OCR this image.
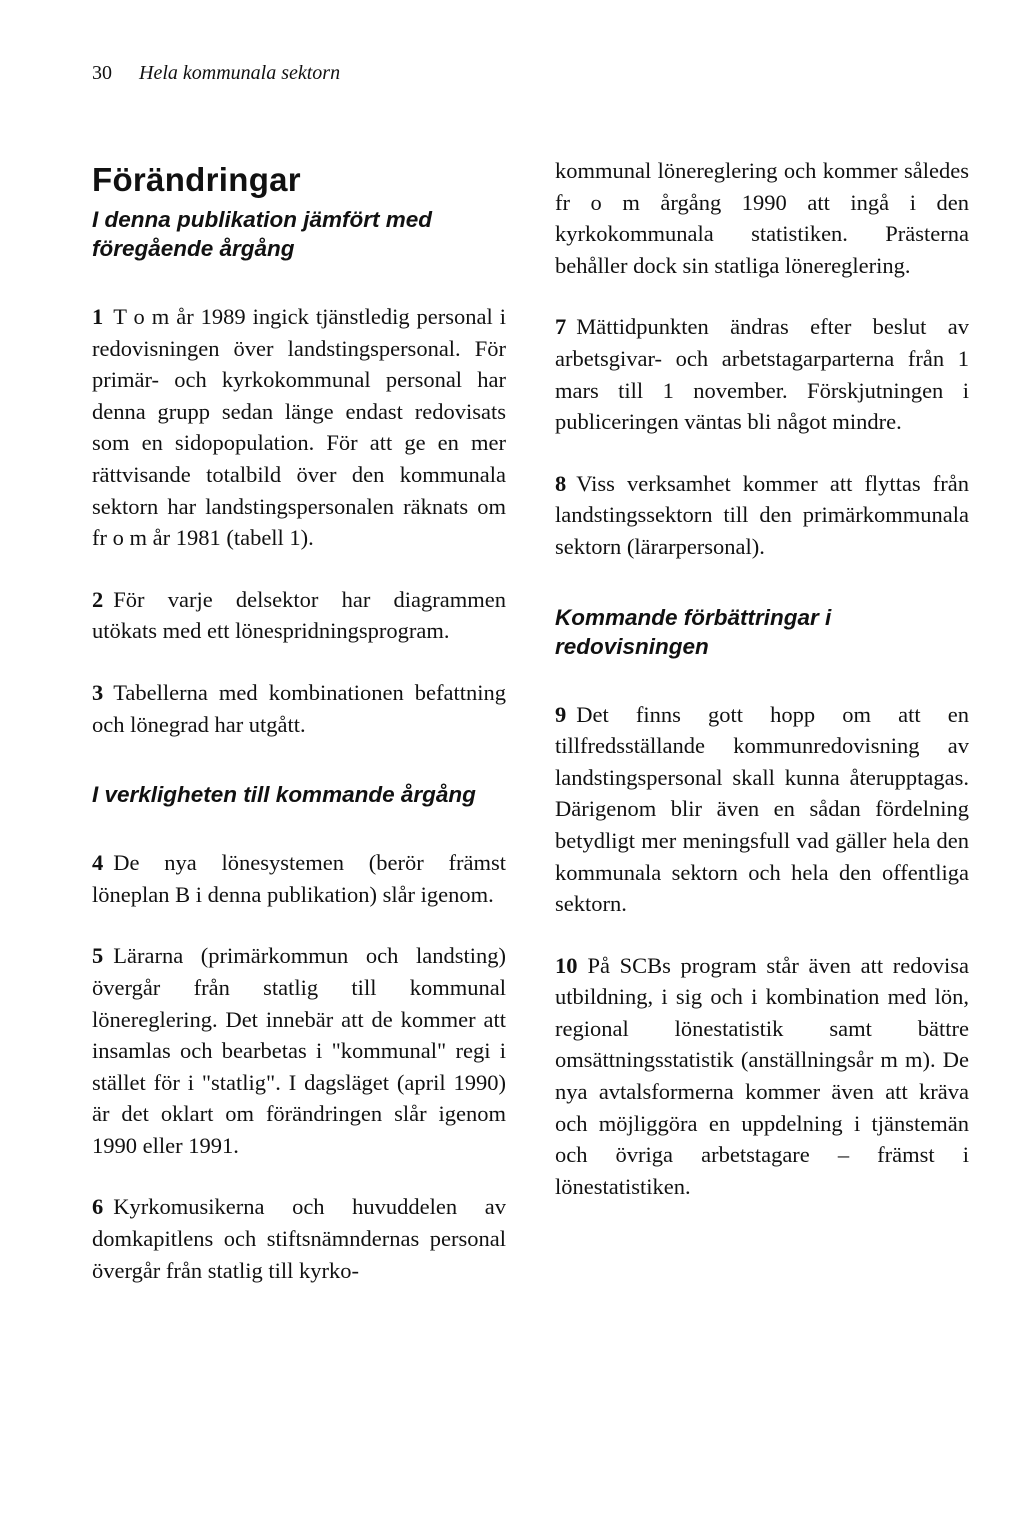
30 Hela kommunala sektorn
Förändringar
I denna publikation jämfört med föregående årgång

1 T o m år 1989 ingick tjänstledig personal i redovisningen över landstingspersonal. För primär- och kyrkokommunal personal har denna grupp sedan länge endast redovisats som en sidopopulation. För att ge en mer rättvisande totalbild över den kommunala sektorn har landstingspersonalen räknats om fr o m år 1981 (tabell 1).

2 För varje delsektor har diagrammen utökats med ett lönespridningsprogram.

3 Tabellerna med kombinationen befattning och lönegrad har utgått.

I verkligheten till kommande årgång

4 De nya lönesystemen (berör främst löneplan B i denna publikation) slår igenom.

5 Lärarna (primärkommun och landsting) övergår från statlig till kommunal lönereglering. Det innebär att de kommer att insamlas och bearbetas i "kommunal" regi i stället för i "statlig". I dagsläget (april 1990) är det oklart om förändringen slår igenom 1990 eller 1991.

6 Kyrkomusikerna och huvuddelen av domkapitlens och stiftsnämndernas personal övergår från statlig till kyrko-

kommunal lönereglering och kommer således fr o m årgång 1990 att ingå i den kyrkokommunala statistiken. Prästerna behåller dock sin statliga lönereglering.

7 Mättidpunkten ändras efter beslut av arbetsgivar- och arbetstagarparterna från 1 mars till 1 november. Förskjutningen i publiceringen väntas bli något mindre.

8 Viss verksamhet kommer att flyttas från landstingssektorn till den primärkommunala sektorn (lärarpersonal).

Kommande förbättringar i redovisningen

9 Det finns gott hopp om att en tillfredsställande kommunredovisning av landstingspersonal skall kunna återupptagas. Därigenom blir även en sådan fördelning betydligt mer meningsfull vad gäller hela den kommunala sektorn och hela den offentliga sektorn.

10 På SCBs program står även att redovisa utbildning, i sig och i kombination med lön, regional lönestatistik samt bättre omsättningsstatistik (anställningsår m m). De nya avtalsformerna kommer även att kräva och möjliggöra en uppdelning i tjänstemän och övriga arbetstagare – främst i lönestatistiken.
